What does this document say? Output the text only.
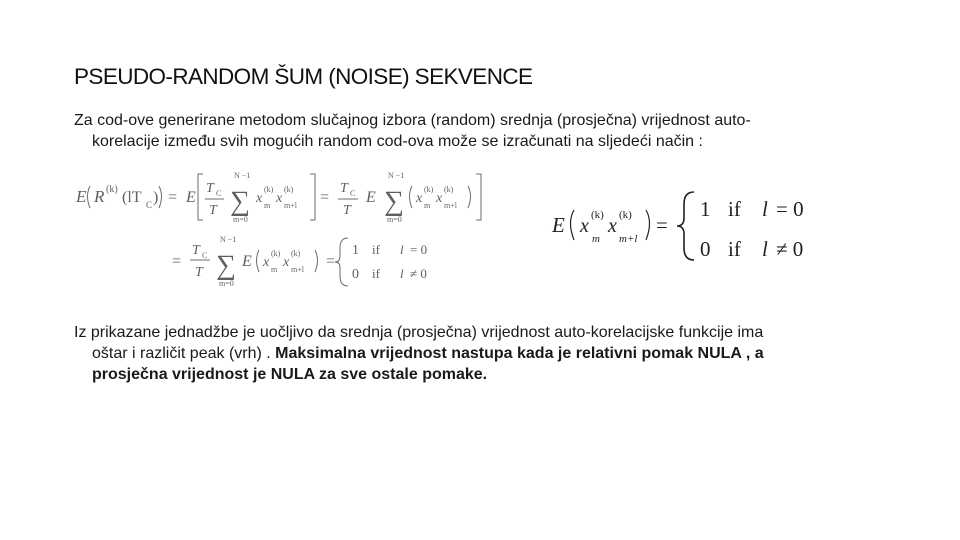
PSEUDO-RANDOM ŠUM (NOISE) SEKVENCE
Za cod-ove generirane metodom slučajnog izbora (random) srednja (prosječna) vrijednost auto-
korelacije između svih mogućih random cod-ova može se izračunati na sljedeći način :
E R (k) (lT C ) = E
T C
T
N −1
∑
m=0
x
(k)
m x
(k)
m+l =
T C
T
E
N −1
∑
m=0
x
(k)
m x
(k)
m+l
=
T C
T
N −1
∑
m=0
E x
(k)
m x
(k)
m+l =
1 if l = 0
0 if l ≠ 0
E x (k)
m
x (k)
m+l
=
1 if l = 0
0 if l ≠ 0
Iz prikazane jednadžbe je uočljivo da srednja (prosječna) vrijednost auto-korelacijske funkcije ima
oštar i različit peak (vrh) . Maksimalna vrijednost nastupa kada je relativni pomak NULA , a
prosječna vrijednost je NULA za sve ostale pomake.
